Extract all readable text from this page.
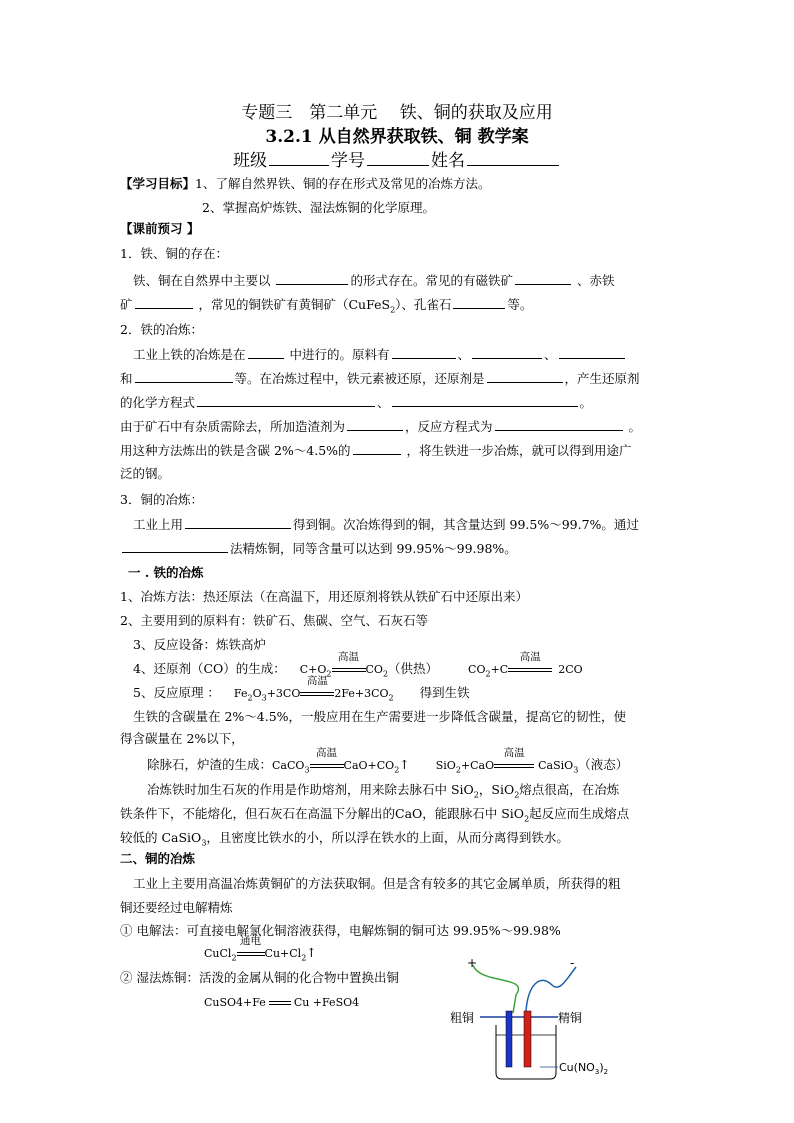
专题三　第二单元　 铁、铜的获取及应用
3.2.1 从自然界获取铁、铜 教学案
班级	学号	姓名
【学习目标】1、了解自然界铁、铜的存在形式及常见的冶炼方法。
2、掌握高炉炼铁、湿法炼铜的化学原理。
【课前预习 】
1．铁、铜的存在：
铁、铜在自然界中主要以	的形式存在。常见的有磁铁矿	、赤铁
矿	，常见的铜铁矿有黄铜矿（CuFeS$_2$）、孔雀石	等。
2．铁的冶炼：
工业上铁的冶炼是在	中进行的。原料有	、	、
和	等。在冶炼过程中，铁元素被还原，还原剂是	，产生还原剂
的化学方程式	、	。
由于矿石中有杂质需除去，所加造渣剂为	，反应方程式为	。
用这种方法炼出的铁是含碳 2%～4.5%的	，将生铁进一步冶炼，就可以得到用途广
泛的钢。
3．铜的冶炼：
工业上用	得到铜。次冶炼得到的铜，其含量达到 99.5%～99.7%。通过
法精炼铜，同等含量可以达到 99.95%～99.98%。
一 . 铁的冶炼
1、冶炼方法：热还原法（在高温下，用还原剂将铁从铁矿石中还原出来）
2、主要用到的原料有：铁矿石、焦碳、空气、石灰石等
3、反应设备：炼铁高炉
4、还原剂（CO）的生成： $C+O_2$
高温
$CO_2$（供热）	$CO_2+C$
高温
2CO
5、反应原理 ： $Fe_2O_3+3CO$
高温
$2Fe+3CO_2$ 得到生铁
生铁的含碳量在 2%～4.5%，一般应用在生产需要进一步降低含碳量，提高它的韧性，使
得含碳量在 2%以下，
除脉石，炉渣的生成：CaCO$_3$
高温
$CaO+CO_2↑$ SiO$_2$+CaO
高温
CaSiO$_3$（液态）
冶炼铁时加生石灰的作用是作助熔剂，用来除去脉石中 SiO$_2$，SiO$_2$熔点很高，在冶炼
铁条件下，不能熔化，但石灰石在高温下分解出的CaO，能跟脉石中 SiO$_2$起反应而生成熔点
较低的 CaSiO$_3$，且密度比铁水的小，所以浮在铁水的上面，从而分离得到铁水。
二、铜的冶炼
工业上主要用高温冶炼黄铜矿的方法获取铜。但是含有较多的其它金属单质，所获得的粗
铜还要经过电解精炼
① 电解法：可直接电解氯化铜溶液获得，电解炼铜的铜可达 99.95%～99.98%
CuCl$_2$
通电
$Cu+Cl_2↑$
② 湿法炼铜：活泼的金属从铜的化合物中置换出铜
CuSO4+Fe	Cu +FeSO4
+	-
粗铜	精铜
$Cu(NO_3)_2$
